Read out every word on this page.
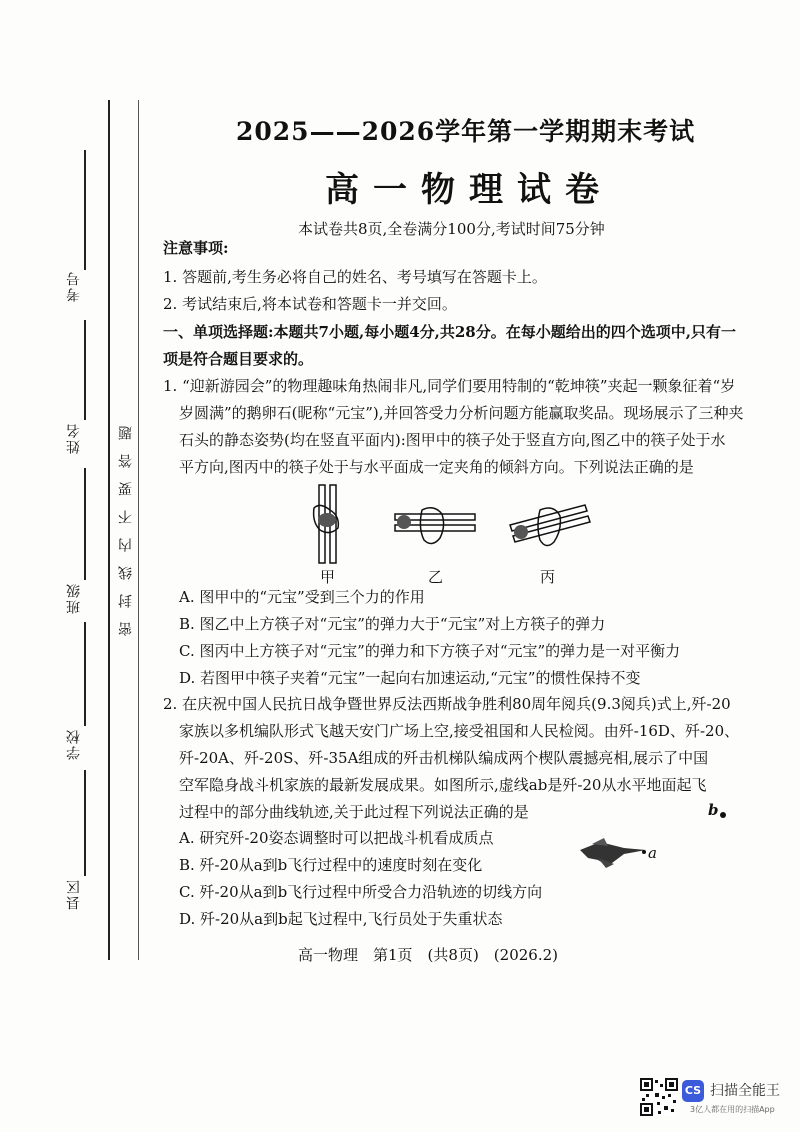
考号
姓名
班级
学校
县区
密封线内不要答题
2025——2026学年第一学期期末考试
高一物理试卷
本试卷共8页,全卷满分100分,考试时间75分钟
注意事项:
1. 答题前,考生务必将自己的姓名、考号填写在答题卡上。
2. 考试结束后,将本试卷和答题卡一并交回。
一、单项选择题:本题共7小题,每小题4分,共28分。在每小题给出的四个选项中,只有一
项是符合题目要求的。
1. “迎新游园会”的物理趣味角热闹非凡,同学们要用特制的“乾坤筷”夹起一颗象征着“岁
岁圆满”的鹅卵石(昵称“元宝”),并回答受力分析问题方能赢取奖品。现场展示了三种夹
石头的静态姿势(均在竖直平面内):图甲中的筷子处于竖直方向,图乙中的筷子处于水
平方向,图丙中的筷子处于与水平面成一定夹角的倾斜方向。下列说法正确的是
甲	乙	丙
A. 图甲中的“元宝”受到三个力的作用
B. 图乙中上方筷子对“元宝”的弹力大于“元宝”对上方筷子的弹力
C. 图丙中上方筷子对“元宝”的弹力和下方筷子对“元宝”的弹力是一对平衡力
D. 若图甲中筷子夹着“元宝”一起向右加速运动,“元宝”的惯性保持不变
2. 在庆祝中国人民抗日战争暨世界反法西斯战争胜利80周年阅兵(9.3阅兵)式上,歼-20
家族以多机编队形式飞越天安门广场上空,接受祖国和人民检阅。由歼-16D、歼-20、
歼-20A、歼-20S、歼-35A组成的歼击机梯队编成两个楔队震撼亮相,展示了中国
空军隐身战斗机家族的最新发展成果。如图所示,虚线ab是歼-20从水平地面起飞
过程中的部分曲线轨迹,关于此过程下列说法正确的是	b
a
A. 研究歼-20姿态调整时可以把战斗机看成质点
B. 歼-20从a到b飞行过程中的速度时刻在变化
C. 歼-20从a到b飞行过程中所受合力沿轨迹的切线方向
D. 歼-20从a到b起飞过程中,飞行员处于失重状态
高一物理　第1页　(共8页)　(2026.2)
CS 扫描全能王
3亿人都在用的扫描App
